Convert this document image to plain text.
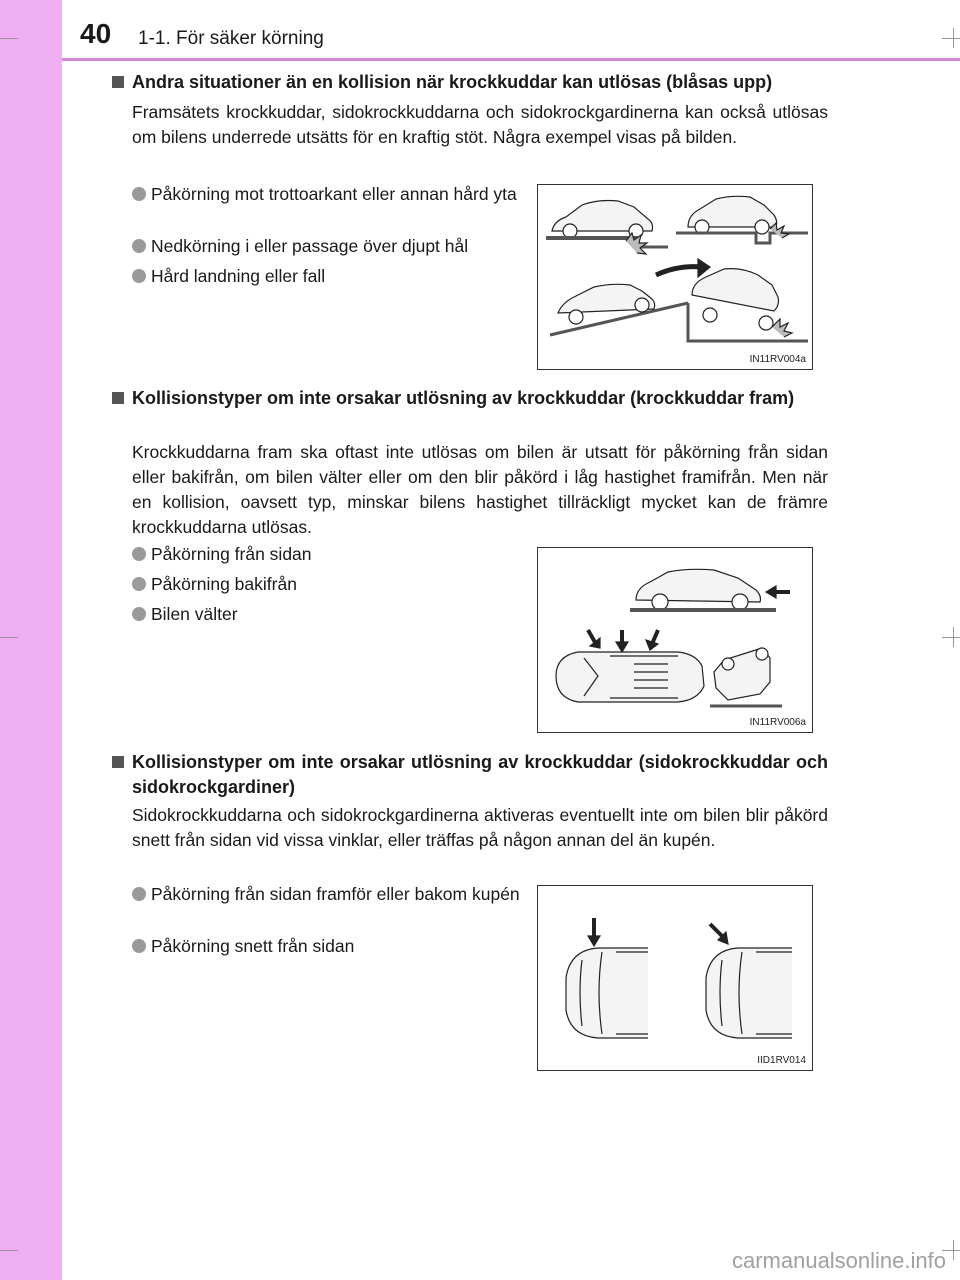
40 1-1. För säker körning
Andra situationer än en kollision när krockkuddar kan utlösas (blåsas upp)
Framsätets krockkuddar, sidokrockkuddarna och sidokrockgardinerna kan också utlösas om bilens underrede utsätts för en kraftig stöt. Några exempel visas på bilden.
Påkörning mot trottoarkant eller annan hård yta
Nedkörning i eller passage över djupt hål
Hård landning eller fall
IN11RV004a
Kollisionstyper om inte orsakar utlösning av krockkuddar (krockkuddar fram)
Krockkuddarna fram ska oftast inte utlösas om bilen är utsatt för påkörning från sidan eller bakifrån, om bilen välter eller om den blir påkörd i låg hastighet framifrån. Men när en kollision, oavsett typ, minskar bilens hastighet tillräckligt mycket kan de främre krockkuddarna utlösas.
Påkörning från sidan
Påkörning bakifrån
Bilen välter
IN11RV006a
Kollisionstyper om inte orsakar utlösning av krockkuddar (sidokrockkuddar och sidokrockgardiner)
Sidokrockkuddarna och sidokrockgardinerna aktiveras eventuellt inte om bilen blir påkörd snett från sidan vid vissa vinklar, eller träffas på någon annan del än kupén.
Påkörning från sidan framför eller bakom kupén
Påkörning snett från sidan
IID1RV014
carmanualsonline.info
